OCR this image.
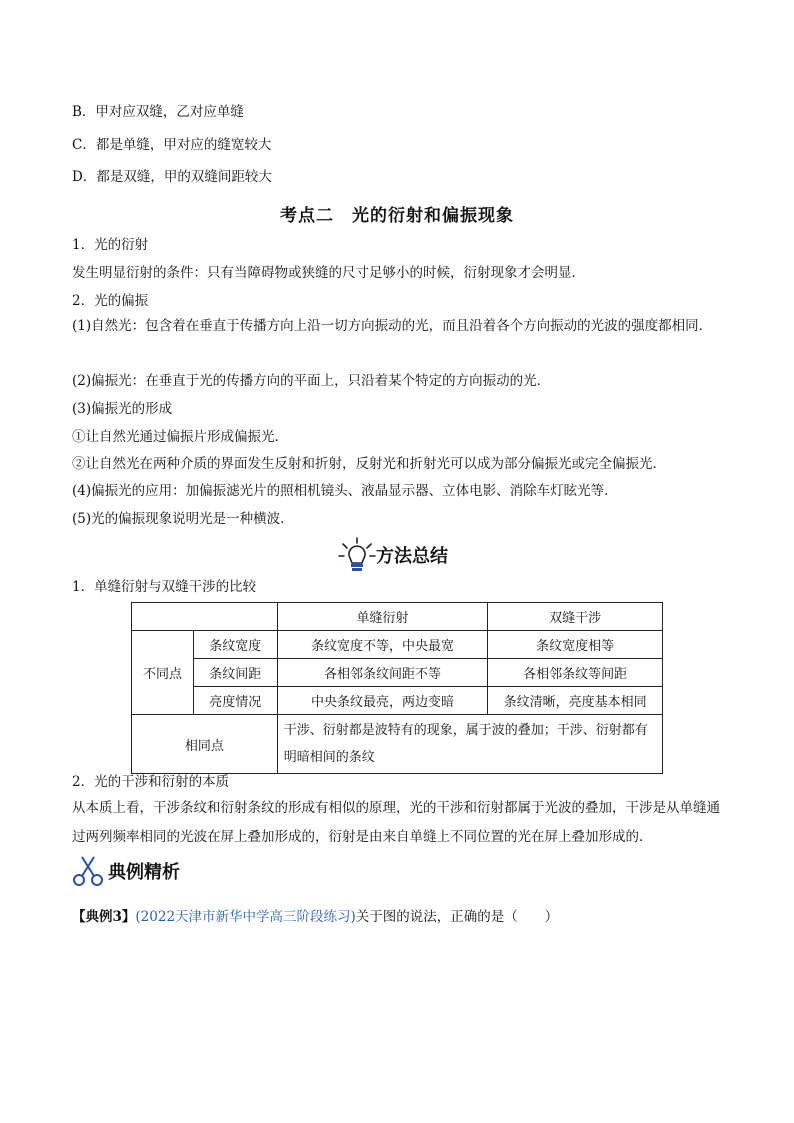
B．甲对应双缝，乙对应单缝
C．都是单缝，甲对应的缝宽较大
D．都是双缝，甲的双缝间距较大
考点二　光的衍射和偏振现象
1．光的衍射
发生明显衍射的条件：只有当障碍物或狭缝的尺寸足够小的时候，衍射现象才会明显．
2．光的偏振
(1)自然光：包含着在垂直于传播方向上沿一切方向振动的光，而且沿着各个方向振动的光波的强度都相同．
(2)偏振光：在垂直于光的传播方向的平面上，只沿着某个特定的方向振动的光．
(3)偏振光的形成
①让自然光通过偏振片形成偏振光．
②让自然光在两种介质的界面发生反射和折射，反射光和折射光可以成为部分偏振光或完全偏振光．
(4)偏振光的应用：加偏振滤光片的照相机镜头、液晶显示器、立体电影、消除车灯眩光等．
(5)光的偏振现象说明光是一种横波．
方法总结
1．单缝衍射与双缝干涉的比较
		单缝衍射	双缝干涉
不同点	条纹宽度	条纹宽度不等，中央最宽	条纹宽度相等
	条纹间距	各相邻条纹间距不等	各相邻条纹等间距
	亮度情况	中央条纹最亮，两边变暗	条纹清晰，亮度基本相同
相同点		干涉、衍射都是波特有的现象，属于波的叠加；干涉、衍射都有明暗相间的条纹	
2．光的干涉和衍射的本质
从本质上看，干涉条纹和衍射条纹的形成有相似的原理，光的干涉和衍射都属于光波的叠加，干涉是从单缝通过两列频率相同的光波在屏上叠加形成的，衍射是由来自单缝上不同位置的光在屏上叠加形成的．
典例精析
【典例3】(2022天津市新华中学高三阶段练习)关于图的说法，正确的是（　　）
